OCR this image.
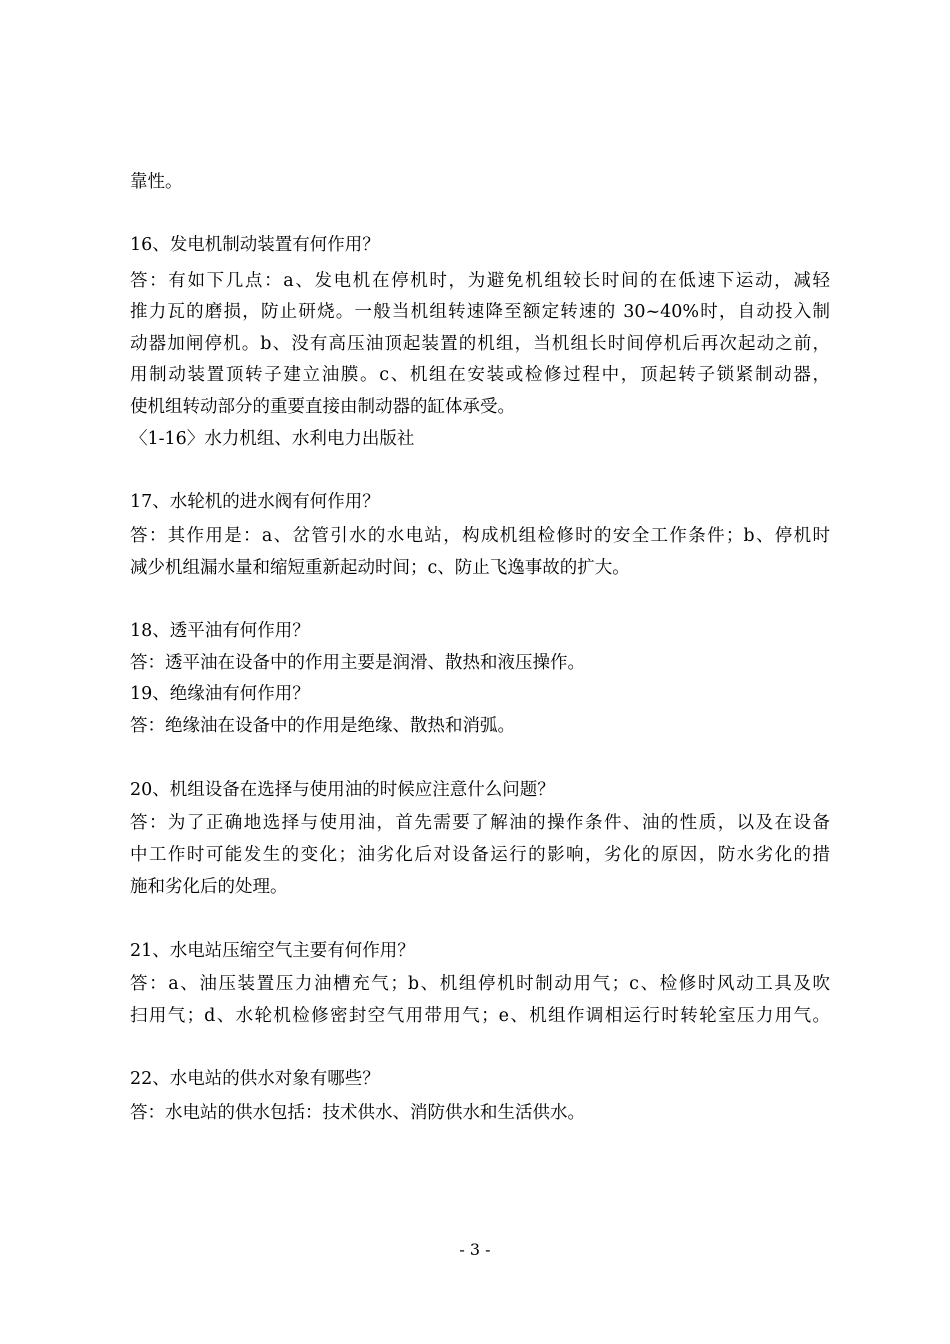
靠性。
16、发电机制动装置有何作用？
答：有如下几点：a、发电机在停机时，为避免机组较长时间的在低速下运动，减轻
推力瓦的磨损，防止研烧。一般当机组转速降至额定转速的 30~40%时，自动投入制
动器加闸停机。b、没有高压油顶起装置的机组，当机组长时间停机后再次起动之前，
用制动装置顶转子建立油膜。c、机组在安装或检修过程中，顶起转子锁紧制动器，
使机组转动部分的重要直接由制动器的缸体承受。
〈1-16〉水力机组、水利电力出版社
17、水轮机的进水阀有何作用？
答：其作用是：a、岔管引水的水电站，构成机组检修时的安全工作条件；b、停机时
减少机组漏水量和缩短重新起动时间；c、防止飞逸事故的扩大。
18、透平油有何作用？
答：透平油在设备中的作用主要是润滑、散热和液压操作。
19、绝缘油有何作用？
答：绝缘油在设备中的作用是绝缘、散热和消弧。
20、机组设备在选择与使用油的时候应注意什么问题？
答：为了正确地选择与使用油，首先需要了解油的操作条件、油的性质，以及在设备
中工作时可能发生的变化；油劣化后对设备运行的影响，劣化的原因，防水劣化的措
施和劣化后的处理。
21、水电站压缩空气主要有何作用？
答：a、油压装置压力油槽充气；b、机组停机时制动用气；c、检修时风动工具及吹
扫用气；d、水轮机检修密封空气用带用气；e、机组作调相运行时转轮室压力用气。
22、水电站的供水对象有哪些？
答：水电站的供水包括：技术供水、消防供水和生活供水。
- 3 -
